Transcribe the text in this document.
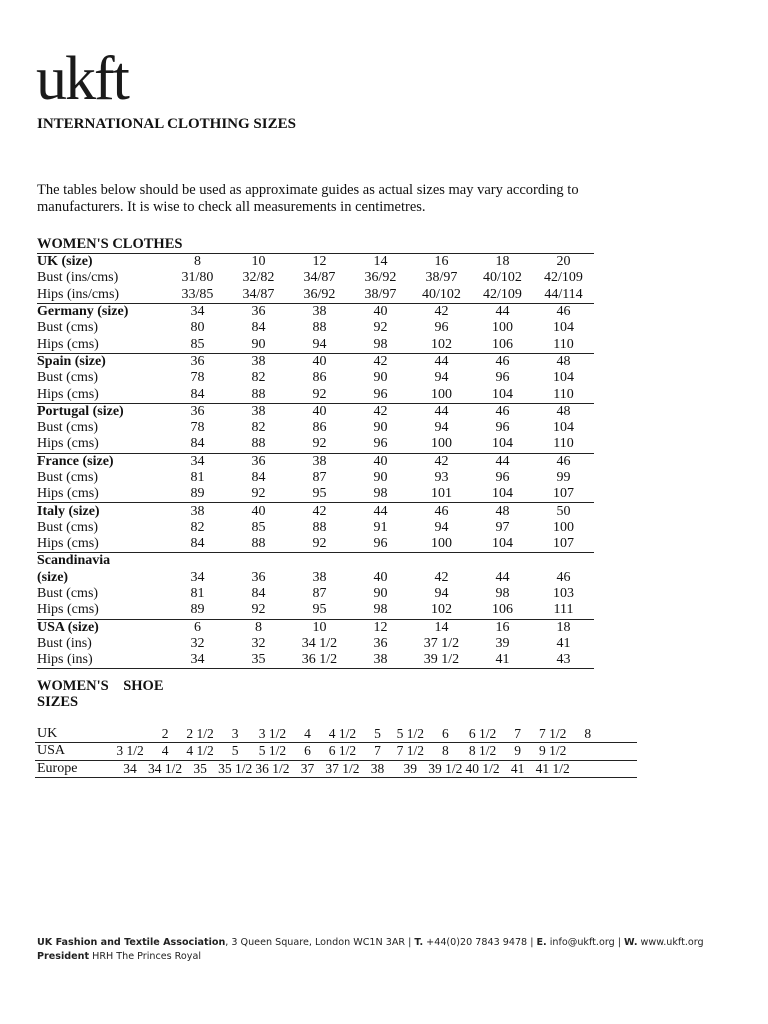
ukft
INTERNATIONAL CLOTHING SIZES
The tables below should be used as approximate guides as actual sizes may vary according to manufacturers. It is wise to check all measurements in centimetres.
WOMEN'S CLOTHES
UK (size)	8	10	12	14	16	18	20
Bust (ins/cms)	31/80	32/82	34/87	36/92	38/97	40/102	42/109
Hips (ins/cms)	33/85	34/87	36/92	38/97	40/102	42/109	44/114
Germany (size)	34	36	38	40	42	44	46
Bust (cms)	80	84	88	92	96	100	104
Hips (cms)	85	90	94	98	102	106	110
Spain (size)	36	38	40	42	44	46	48
Bust (cms)	78	82	86	90	94	96	104
Hips (cms)	84	88	92	96	100	104	110
Portugal (size)	36	38	40	42	44	46	48
Bust (cms)	78	82	86	90	94	96	104
Hips (cms)	84	88	92	96	100	104	110
France (size)	34	36	38	40	42	44	46
Bust (cms)	81	84	87	90	93	96	99
Hips (cms)	89	92	95	98	101	104	107
Italy (size)	38	40	42	44	46	48	50
Bust (cms)	82	85	88	91	94	97	100
Hips (cms)	84	88	92	96	100	104	107
Scandinavia							
(size)	34	36	38	40	42	44	46
Bust (cms)	81	84	87	90	94	98	103
Hips (cms)	89	92	95	98	102	106	111
USA (size)	6	8	10	12	14	16	18
Bust (ins)	32	32	34 1/2	36	37 1/2	39	41
Hips (ins)	34	35	36 1/2	38	39 1/2	41	43
WOMEN'S    SHOE
SIZES
UK		2	2 1/2	3	3 1/2	4	4 1/2	5	5 1/2	6	6 1/2	7	7 1/2	8	
USA	3 1/2	4	4 1/2	5	5 1/2	6	6 1/2	7	7 1/2	8	8 1/2	9	9 1/2		
Europe	34	34 1/2	35	35 1/2	36 1/2	37	37 1/2	38	39	39 1/2	40 1/2	41	41 1/2		
UK Fashion and Textile Association, 3 Queen Square, London WC1N 3AR | T. +44(0)20 7843 9478 | E. info@ukft.org | W. www.ukft.org
President HRH The Princes Royal
